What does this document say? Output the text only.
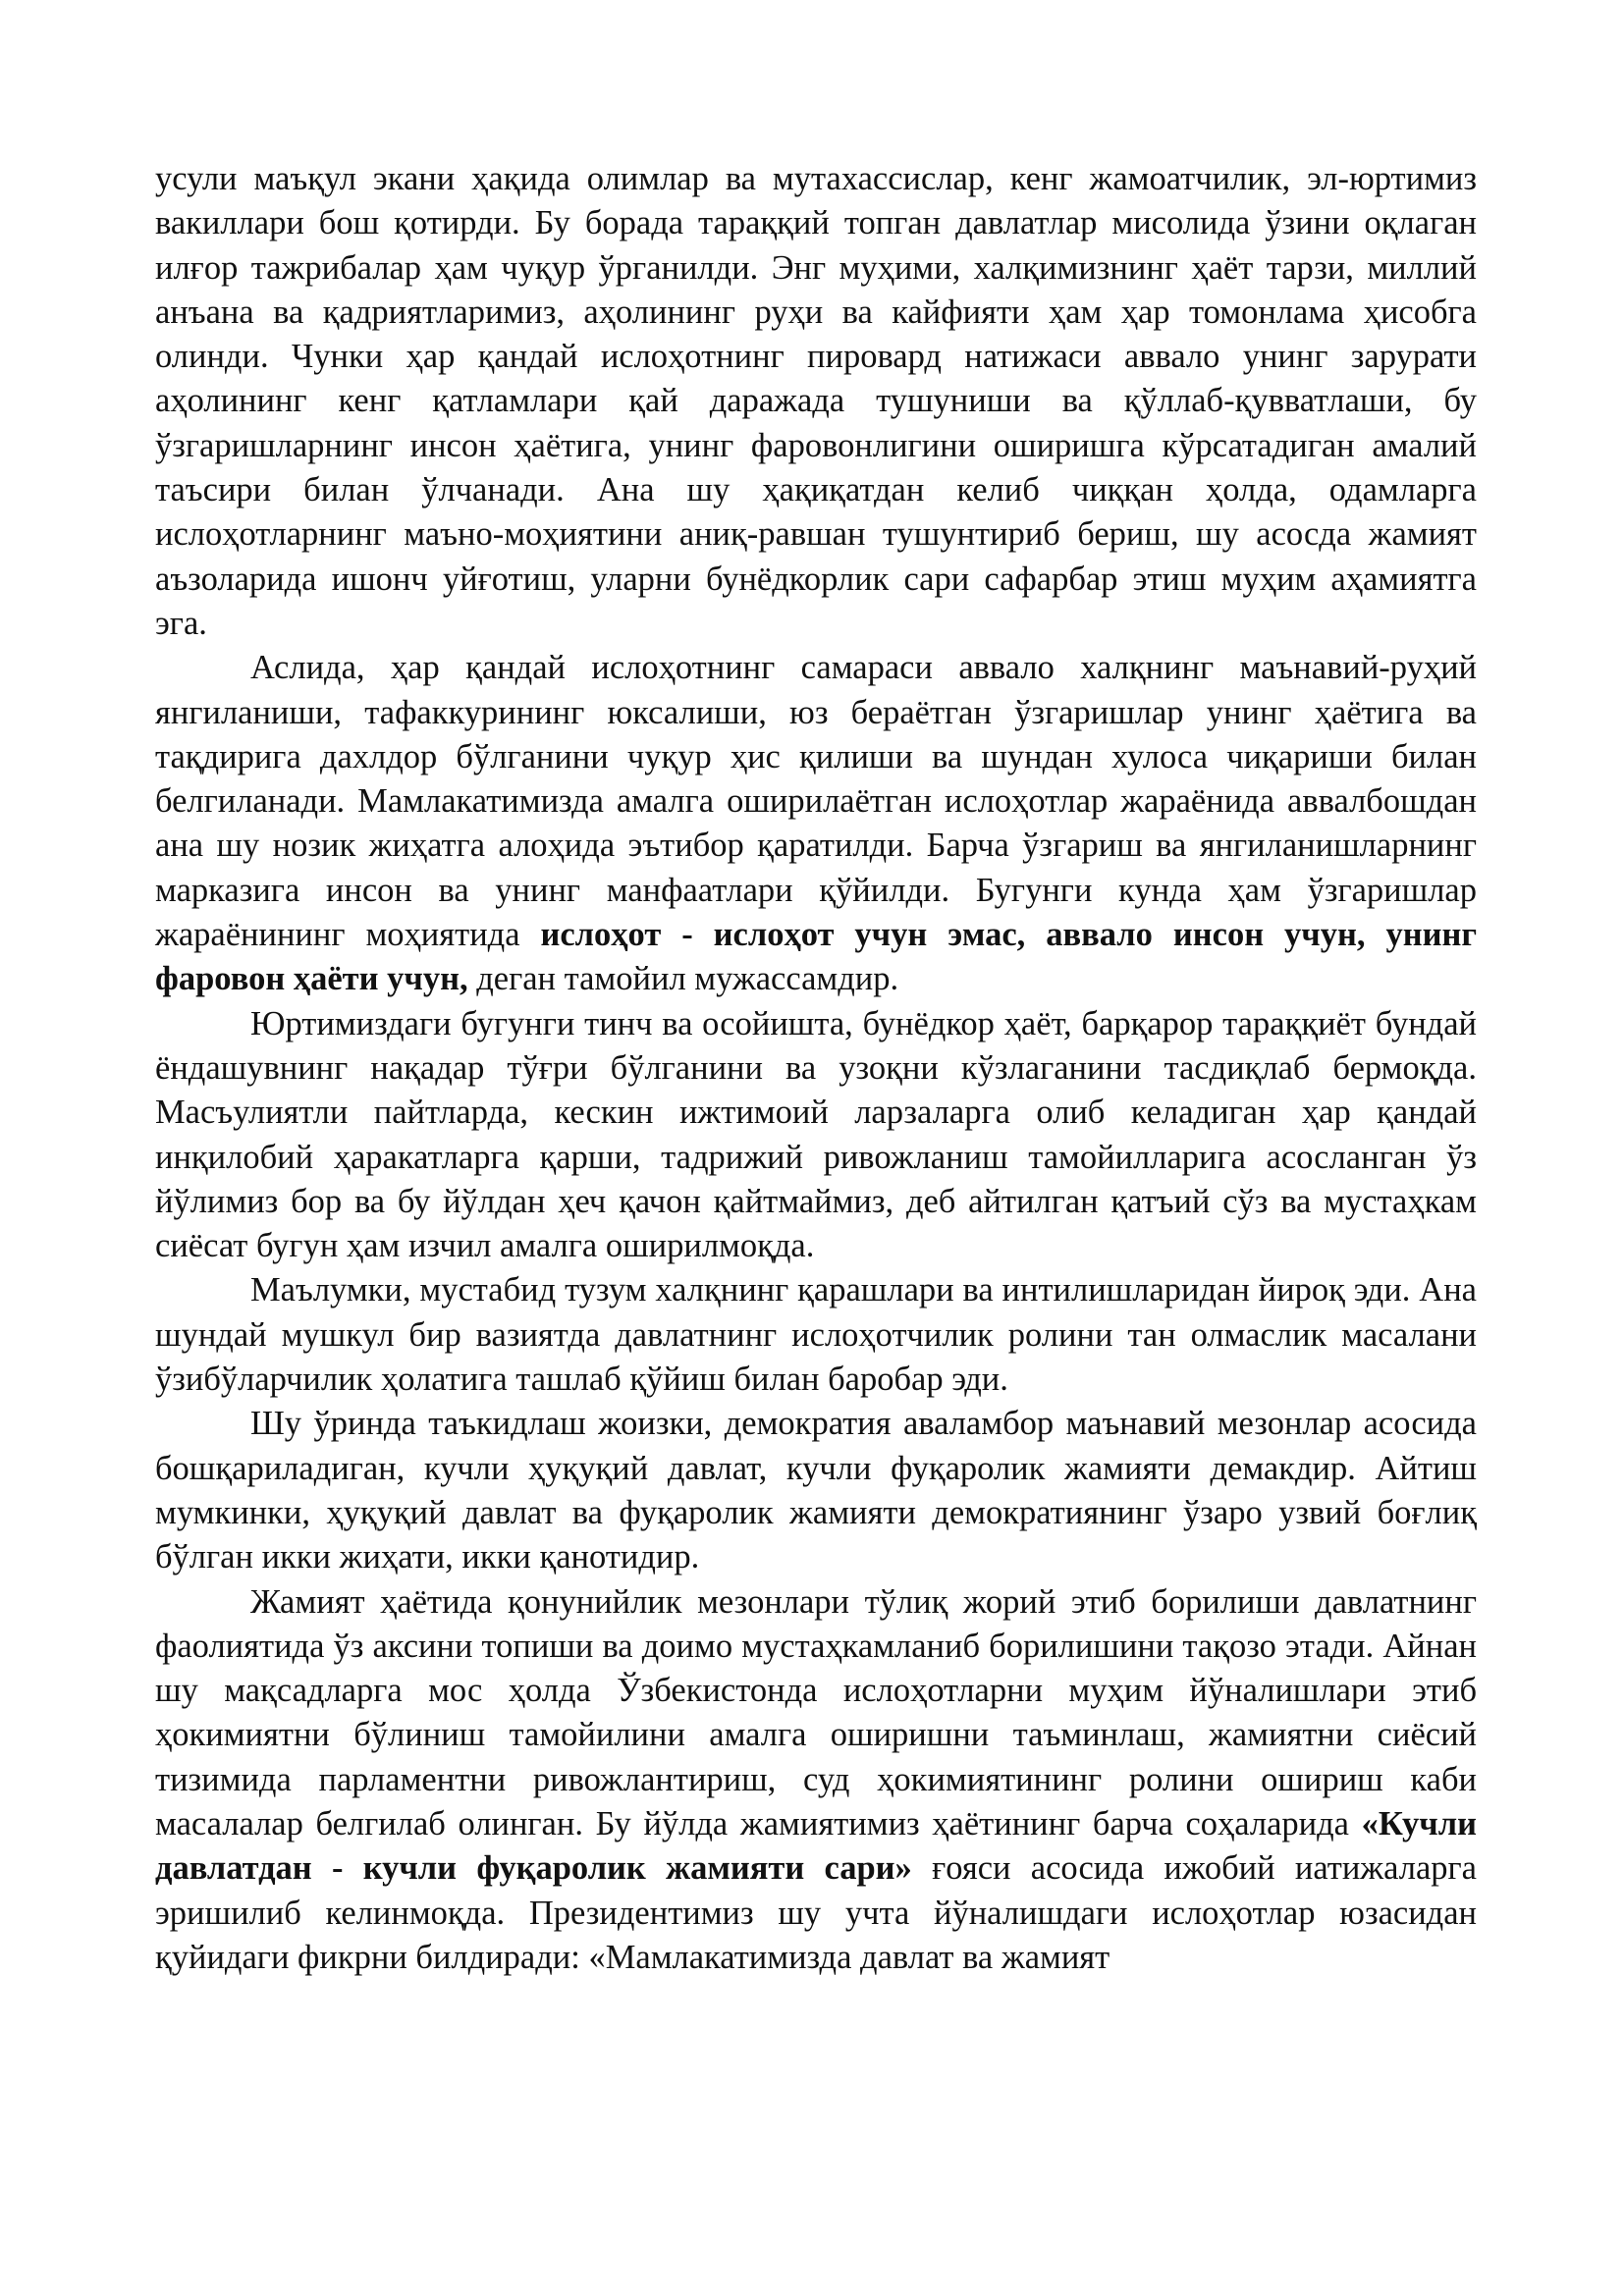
усули маъқул экани ҳақида олимлар ва мутахассислар, кенг жамоатчилик, эл-юртимиз вакиллари бош қотирди. Бу борада тараққий топган давлатлар мисолида ўзини оқлаган илғор тажрибалар ҳам чуқур ўрганилди. Энг муҳими, халқимизнинг ҳаёт тарзи, миллий анъана ва қадриятларимиз, аҳолининг руҳи ва кайфияти ҳам ҳар томонлама ҳисобга олинди. Чунки ҳар қандай ислоҳотнинг пировард натижаси аввало унинг зарурати аҳолининг кенг қатламлари қай даражада тушуниши ва қўллаб-қувватлаши, бу ўзгаришларнинг инсон ҳаётига, унинг фаровонлигини оширишга кўрсатадиган амалий таъсири билан ўлчанади. Ана шу ҳақиқатдан келиб чиққан ҳолда, одамларга ислоҳотларнинг маъно-моҳиятини аниқ-равшан тушунтириб бериш, шу асосда жамият аъзоларида ишонч уйғотиш, уларни бунёдкорлик сари сафарбар этиш муҳим аҳамиятга эга.

Аслида, ҳар қандай ислоҳотнинг самараси аввало халқнинг маънавий-руҳий янгиланиши, тафаккурининг юксалиши, юз бераётган ўзгаришлар унинг ҳаётига ва тақдирига дахлдор бўлганини чуқур ҳис қилиши ва шундан хулоса чиқариши билан белгиланади. Мамлакатимизда амалга оширилаётган ислоҳотлар жараёнида аввалбошдан ана шу нозик жиҳатга алоҳида эътибор қаратилди. Барча ўзгариш ва янгиланишларнинг марказига инсон ва унинг манфаатлари қўйилди. Бугунги кунда ҳам ўзгаришлар жараёнининг моҳиятида ислоҳот - ислоҳот учун эмас, аввало инсон учун, унинг фаровон ҳаёти учун, деган тамойил мужассамдир.

Юртимиздаги бугунги тинч ва осойишта, бунёдкор ҳаёт, барқарор тараққиёт бундай ёндашувнинг нақадар тўғри бўлганини ва узоқни кўзлаганини тасдиқлаб бермоқда. Масъулиятли пайтларда, кескин ижтимоий ларзаларга олиб келадиган ҳар қандай инқилобий ҳаракатларга қарши, тадрижий ривожланиш тамойилларига асосланган ўз йўлимиз бор ва бу йўлдан ҳеч қачон қайтмаймиз, деб айтилган қатъий сўз ва мустаҳкам сиёсат бугун ҳам изчил амалга оширилмоқда.

Маълумки, мустабид тузум халқнинг қарашлари ва интилишларидан йироқ эди. Ана шундай мушкул бир вазиятда давлатнинг ислоҳотчилик ролини тан олмаслик масалани ўзибўларчилик ҳолатига ташлаб қўйиш билан баробар эди.

Шу ўринда таъкидлаш жоизки, демократия аваламбор маънавий мезонлар асосида бошқариладиган, кучли ҳуқуқий давлат, кучли фуқаролик жамияти демакдир. Айтиш мумкинки, ҳуқуқий давлат ва фуқаролик жамияти демократиянинг ўзаро узвий боғлиқ бўлган икки жиҳати, икки қанотидир.

Жамият ҳаётида қонунийлик мезонлари тўлиқ жорий этиб борилиши давлатнинг фаолиятида ўз аксини топиши ва доимо мустаҳкамланиб борилишини тақозо этади. Айнан шу мақсадларга мос ҳолда Ўзбекистонда ислоҳотларни муҳим йўналишлари этиб ҳокимиятни бўлиниш тамойилини амалга оширишни таъминлаш, жамиятни сиёсий тизимида парламентни ривожлантириш, суд ҳокимиятининг ролини ошириш каби масалалар белгилаб олинган. Бу йўлда жамиятимиз ҳаётининг барча соҳаларида «Кучли давлатдан - кучли фуқаролик жамияти сари» ғояси асосида ижобий иатижаларга эришилиб келинмоқда. Президентимиз шу учта йўналишдаги ислоҳотлар юзасидан қуйидаги фикрни билдиради: «Мамлакатимизда давлат ва жамият
